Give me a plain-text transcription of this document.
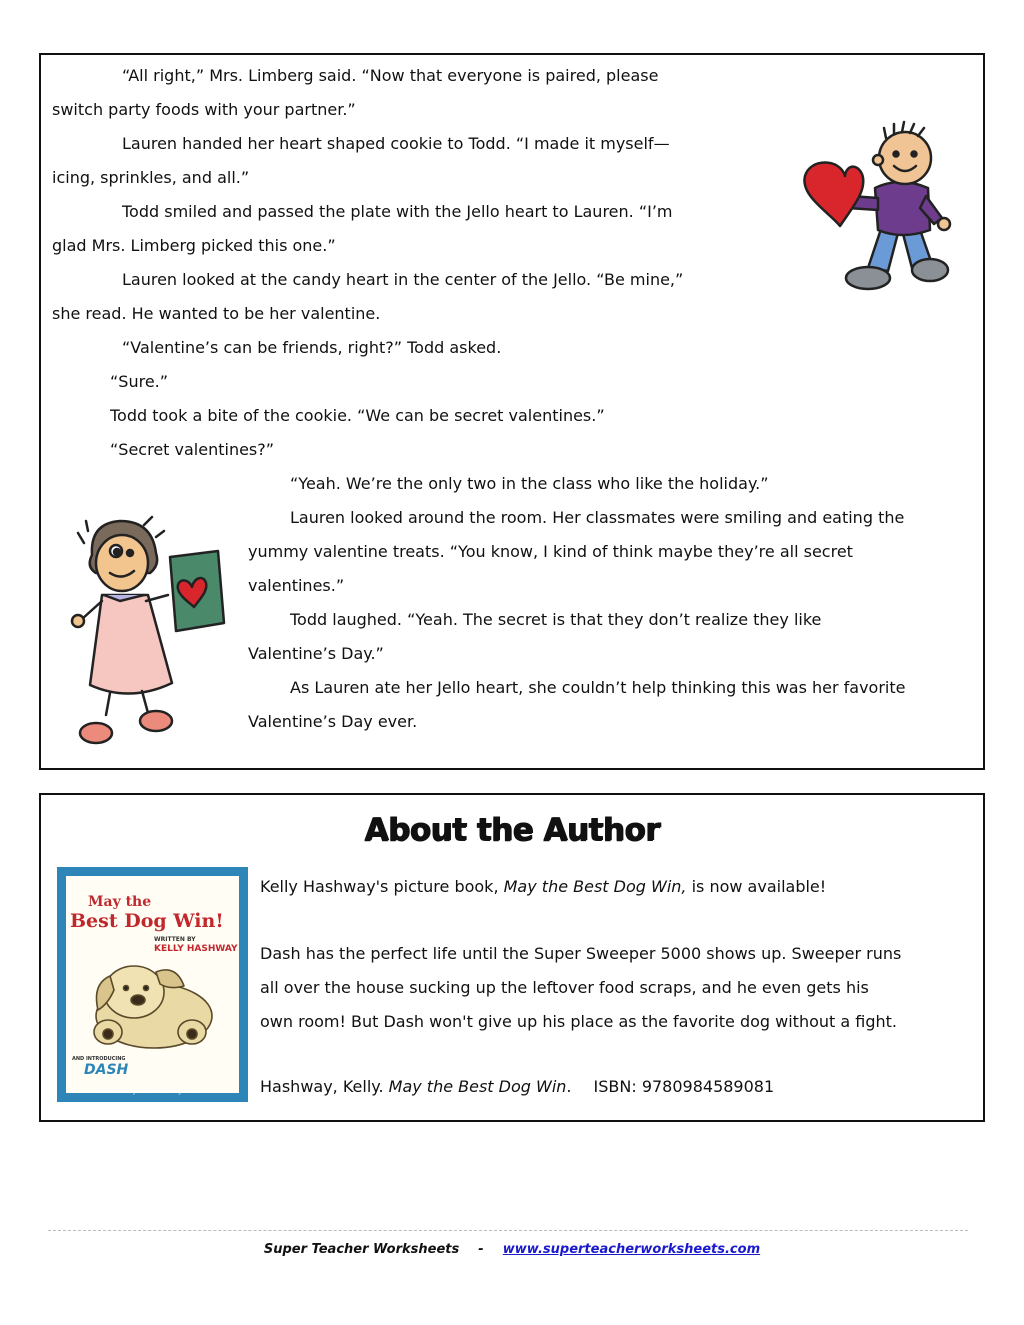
“All right,” Mrs. Limberg said. “Now that everyone is paired, please
switch party foods with your partner.”
Lauren handed her heart shaped cookie to Todd. “I made it myself—
icing, sprinkles, and all.”
Todd smiled and passed the plate with the Jello heart to Lauren. “I’m
glad Mrs. Limberg picked this one.”
Lauren looked at the candy heart in the center of the Jello. “Be mine,”
she read. He wanted to be her valentine.
“Valentine’s can be friends, right?” Todd asked.
“Sure.”
Todd took a bite of the cookie. “We can be secret valentines.”
“Secret valentines?”
“Yeah. We’re the only two in the class who like the holiday.”
Lauren looked around the room. Her classmates were smiling and eating the
yummy valentine treats. “You know, I kind of think maybe they’re all secret
valentines.”
Todd laughed. “Yeah. The secret is that they don’t realize they like
Valentine’s Day.”
As Lauren ate her Jello heart, she couldn’t help thinking this was her favorite
Valentine’s Day ever.
About the Author
May the
Best Dog Win!
WRITTEN BY
KELLY HASHWAY
AND INTRODUCING
DASH
Illustrated by Valerie Bouthyette
Kelly Hashway's picture book, May the Best Dog Win, is now available!
Dash has the perfect life until the Super Sweeper 5000 shows up. Sweeper runs
all over the house sucking up the leftover food scraps, and he even gets his
own room! But Dash won't give up his place as the favorite dog without a fight.
Hashway, Kelly. May the Best Dog Win. ISBN: 9780984589081
Super Teacher Worksheets - www.superteacherworksheets.com
